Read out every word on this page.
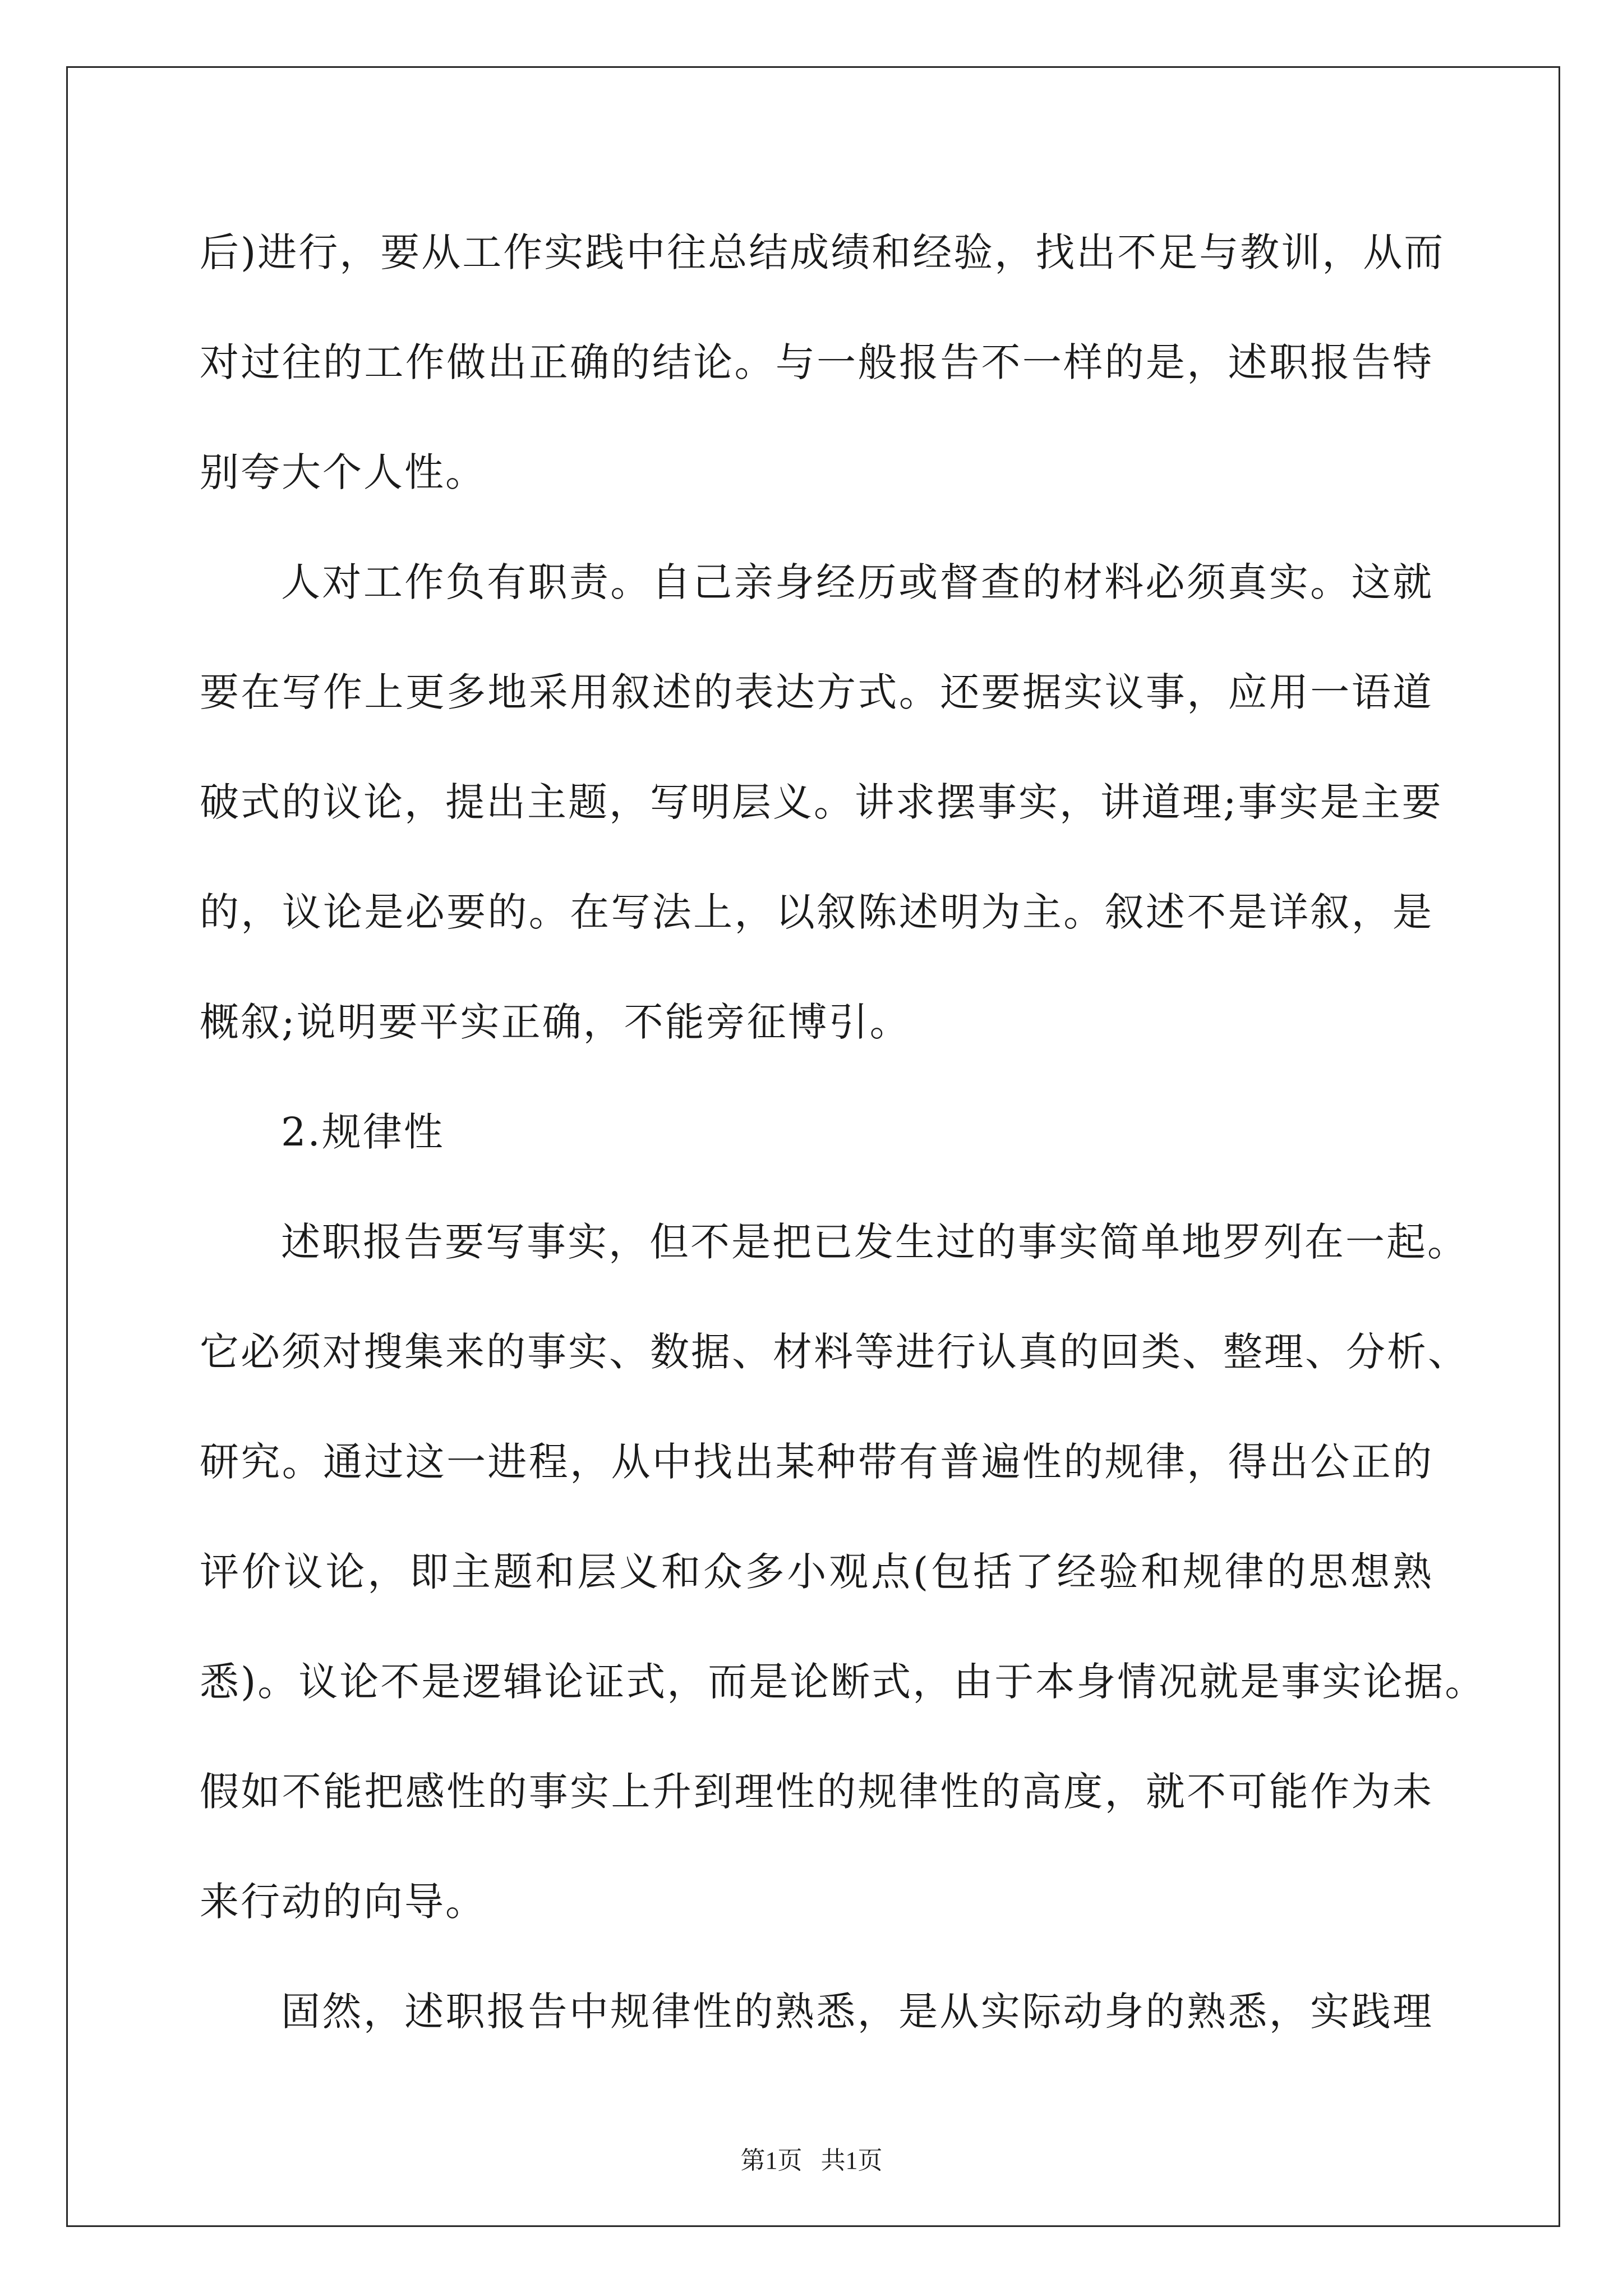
后)进行，要从工作实践中往总结成绩和经验，找出不足与教训，从而
对过往的工作做出正确的结论。与一般报告不一样的是，述职报告特
别夸大个人性。
人对工作负有职责。自己亲身经历或督查的材料必须真实。这就
要在写作上更多地采用叙述的表达方式。还要据实议事，应用一语道
破式的议论，提出主题，写明层义。讲求摆事实，讲道理;事实是主要
的，议论是必要的。在写法上，以叙陈述明为主。叙述不是详叙，是
概叙;说明要平实正确，不能旁征博引。
2.规律性
述职报告要写事实，但不是把已发生过的事实简单地罗列在一起。
它必须对搜集来的事实、数据、材料等进行认真的回类、整理、分析、
研究。通过这一进程，从中找出某种带有普遍性的规律，得出公正的
评价议论，即主题和层义和众多小观点(包括了经验和规律的思想熟
悉)。议论不是逻辑论证式，而是论断式，由于本身情况就是事实论据。
假如不能把感性的事实上升到理性的规律性的高度，就不可能作为未
来行动的向导。
固然，述职报告中规律性的熟悉，是从实际动身的熟悉，实践理
第1页   共1页
